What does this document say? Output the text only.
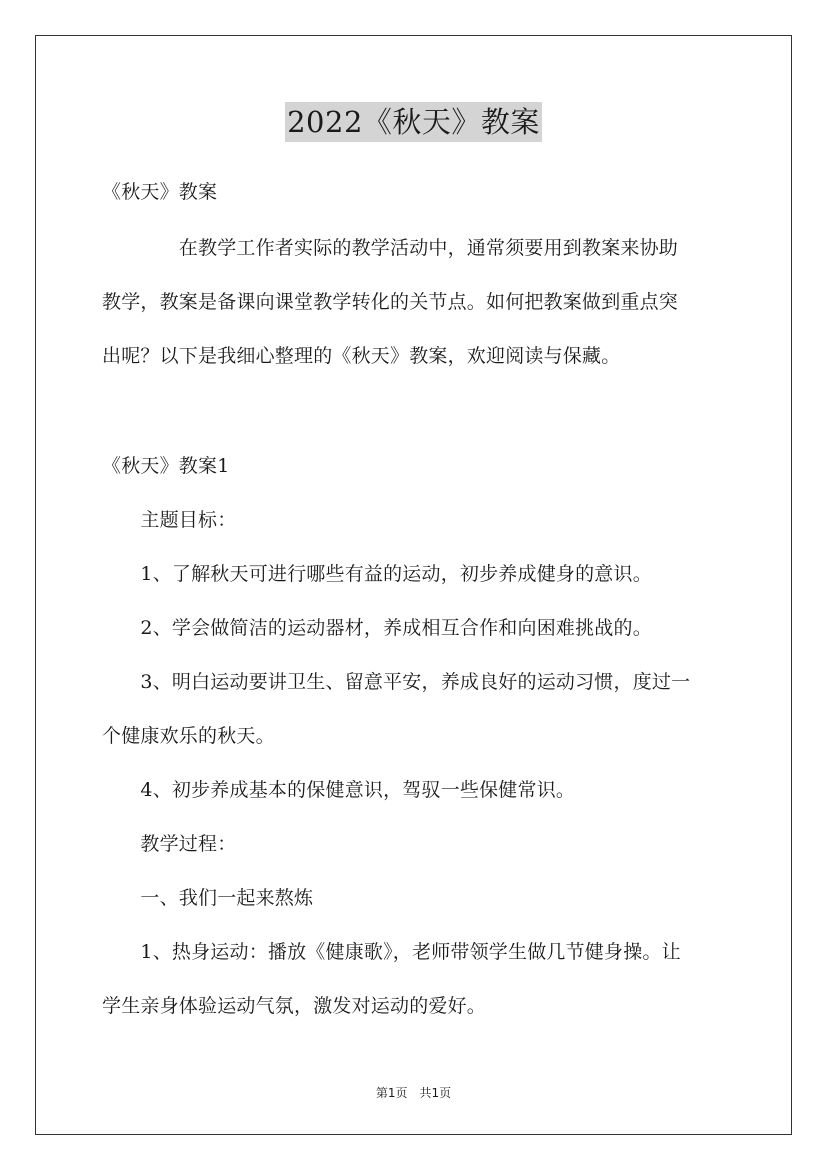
2022《秋天》教案
《秋天》教案
　　　　在教学工作者实际的教学活动中，通常须要用到教案来协助
教学，教案是备课向课堂教学转化的关节点。如何把教案做到重点突
出呢？以下是我细心整理的《秋天》教案，欢迎阅读与保藏。
《秋天》教案1
　　主题目标：
　　1、了解秋天可进行哪些有益的运动，初步养成健身的意识。
　　2、学会做简洁的运动器材，养成相互合作和向困难挑战的。
　　3、明白运动要讲卫生、留意平安，养成良好的运动习惯，度过一
个健康欢乐的秋天。
　　4、初步养成基本的保健意识，驾驭一些保健常识。
　　教学过程：
　　一、我们一起来熬炼
　　1、热身运动：播放《健康歌》，老师带领学生做几节健身操。让
学生亲身体验运动气氛，激发对运动的爱好。
第1页　共1页
